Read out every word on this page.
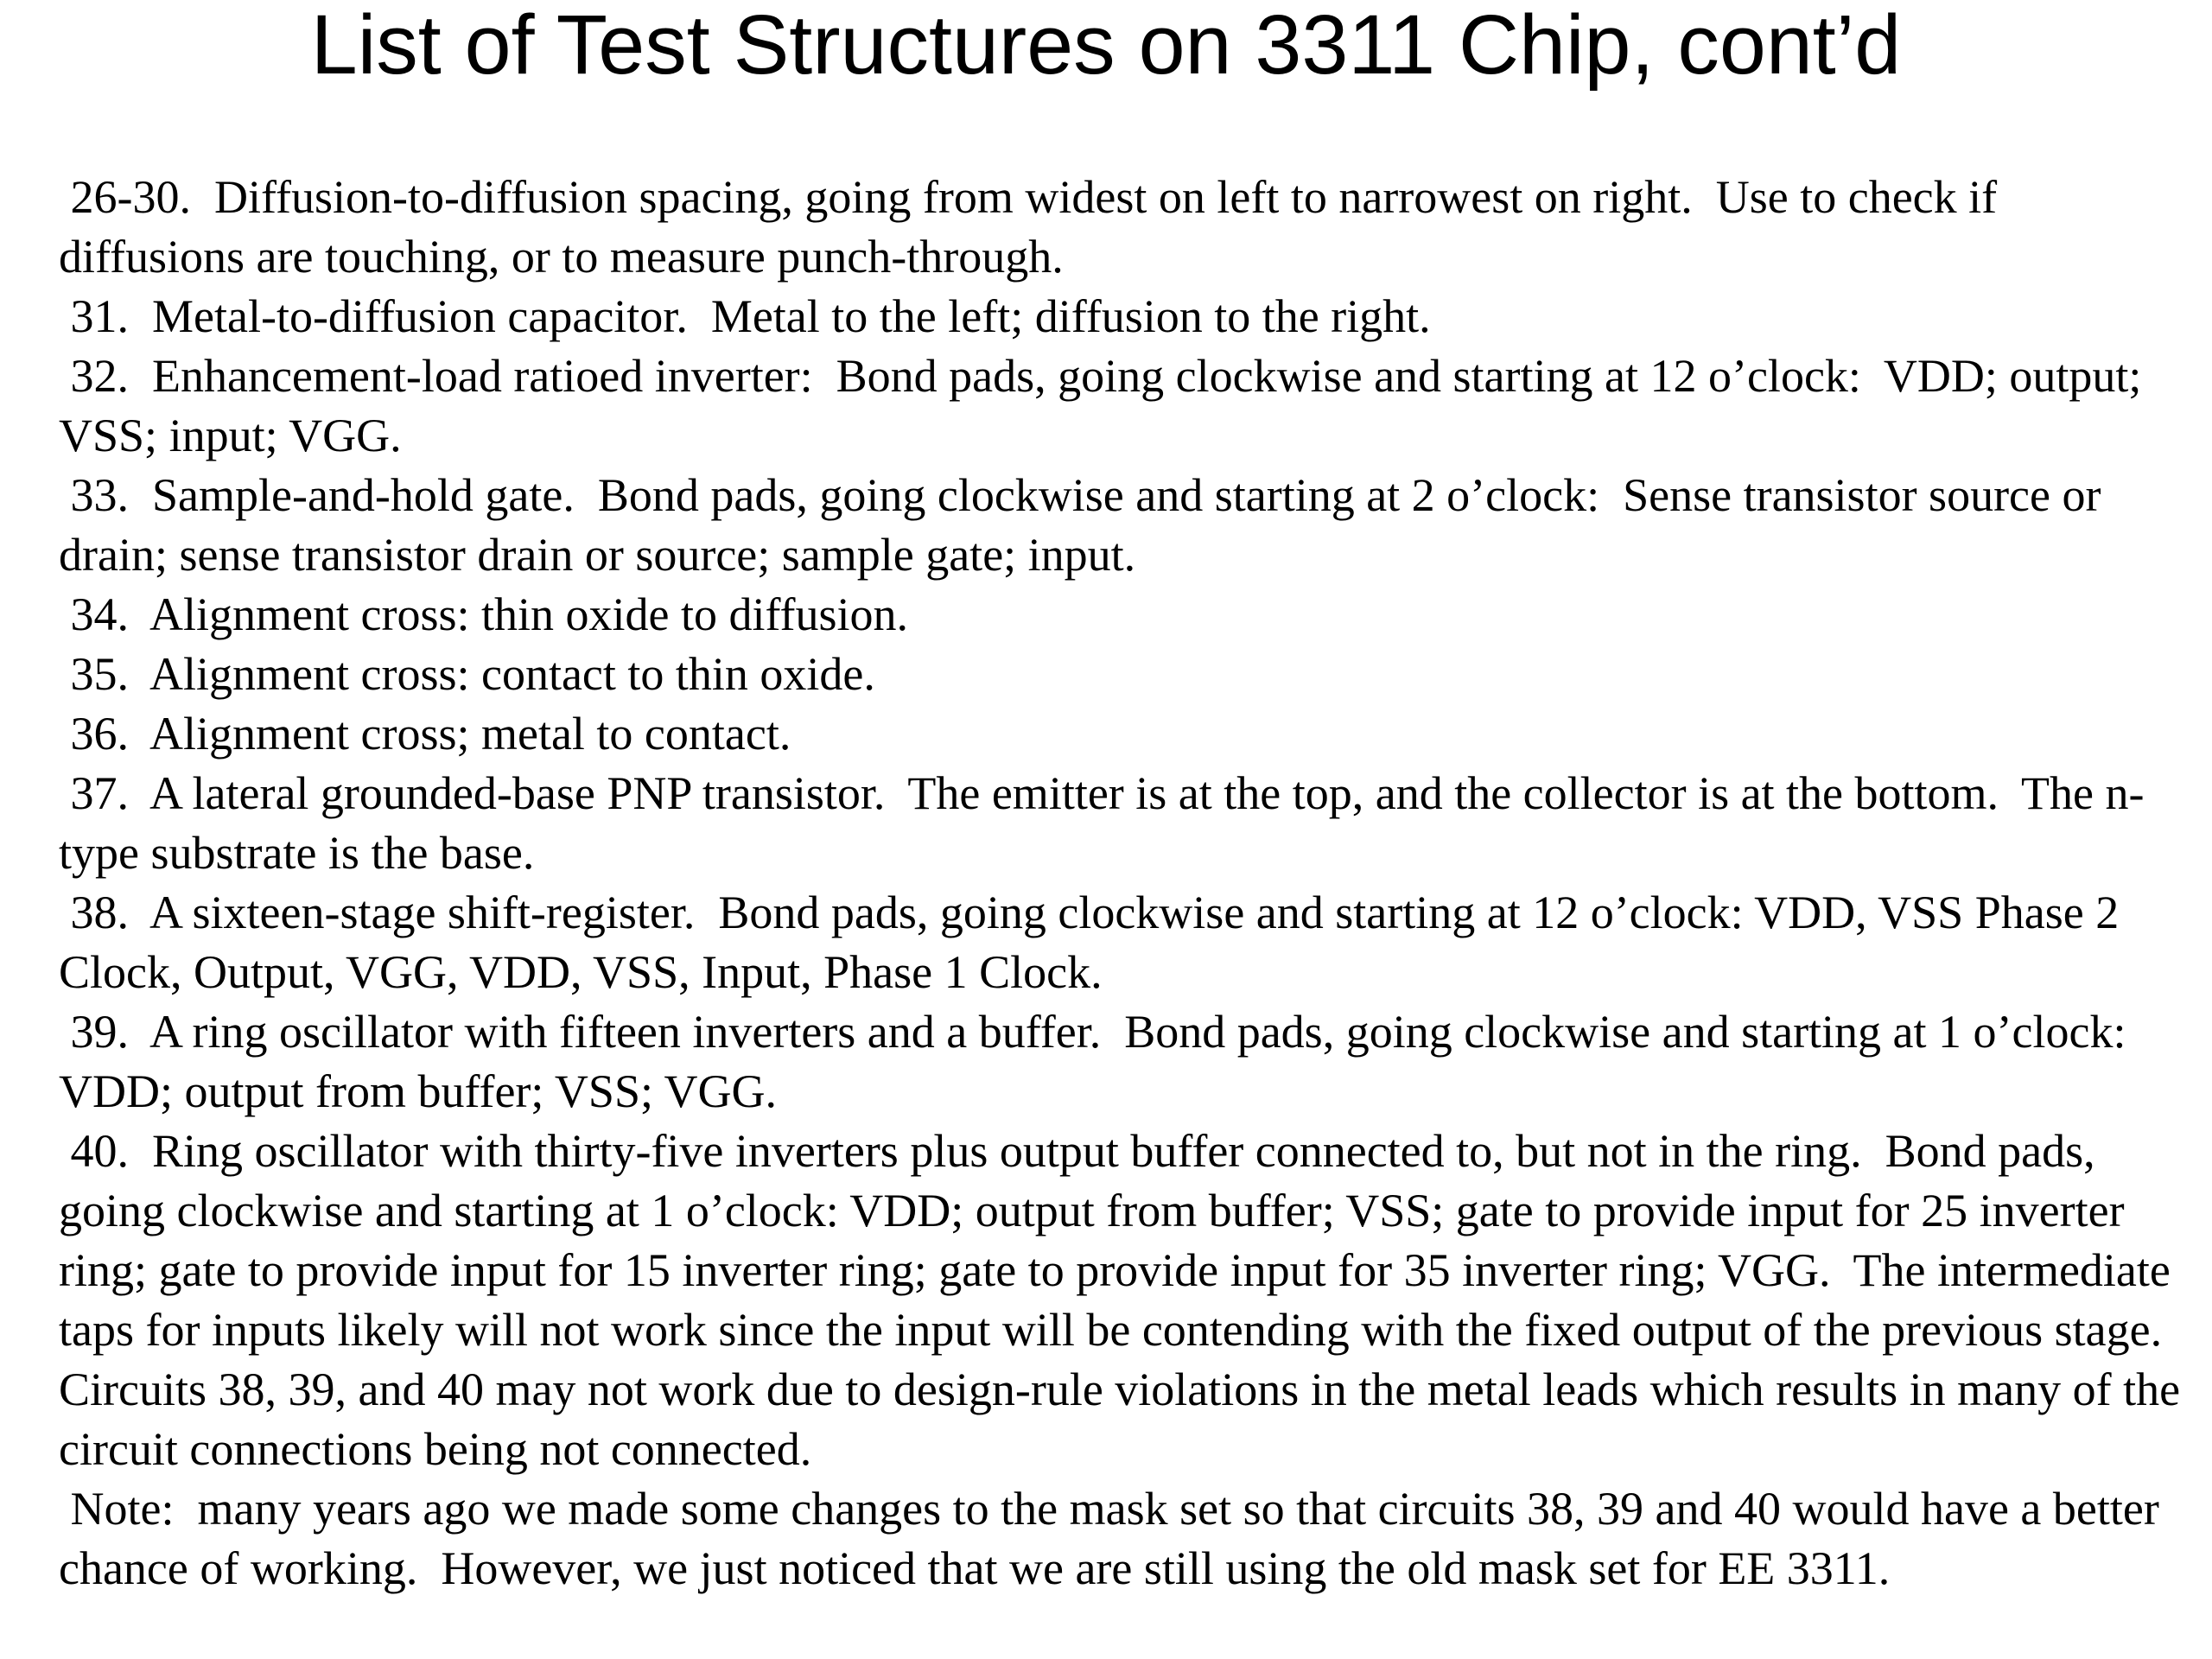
List of Test Structures on 3311 Chip, cont’d

26-30.  Diffusion-to-diffusion spacing, going from widest on left to narrowest on right.  Use to check if diffusions are touching, or to measure punch-through.

31.  Metal-to-diffusion capacitor.  Metal to the left; diffusion to the right.

32.  Enhancement-load ratioed inverter:  Bond pads, going clockwise and starting at 12 o’clock:  VDD; output; VSS; input; VGG.

33.  Sample-and-hold gate.  Bond pads, going clockwise and starting at 2 o’clock:  Sense transistor source or drain; sense transistor drain or source; sample gate; input.

34.  Alignment cross: thin oxide to diffusion.

35.  Alignment cross: contact to thin oxide.

36.  Alignment cross; metal to contact.

37.  A lateral grounded-base PNP transistor.  The emitter is at the top, and the collector is at the bottom.  The n-type substrate is the base.

38.  A sixteen-stage shift-register.  Bond pads, going clockwise and starting at 12 o’clock: VDD, VSS Phase 2 Clock, Output, VGG, VDD, VSS, Input, Phase 1 Clock.

39.  A ring oscillator with fifteen inverters and a buffer.  Bond pads, going clockwise and starting at 1 o’clock: VDD; output from buffer; VSS; VGG.

40.  Ring oscillator with thirty-five inverters plus output buffer connected to, but not in the ring.  Bond pads, going clockwise and starting at 1 o’clock: VDD; output from buffer; VSS; gate to provide input for 25 inverter ring; gate to provide input for 15 inverter ring; gate to provide input for 35 inverter ring; VGG.  The intermediate taps for inputs likely will not work since the input will be contending with the fixed output of the previous stage.

Circuits 38, 39, and 40 may not work due to design-rule violations in the metal leads which results in many of the circuit connections being not connected.

Note:  many years ago we made some changes to the mask set so that circuits 38, 39 and 40 would have a better chance of working.  However, we just noticed that we are still using the old mask set for EE 3311.
